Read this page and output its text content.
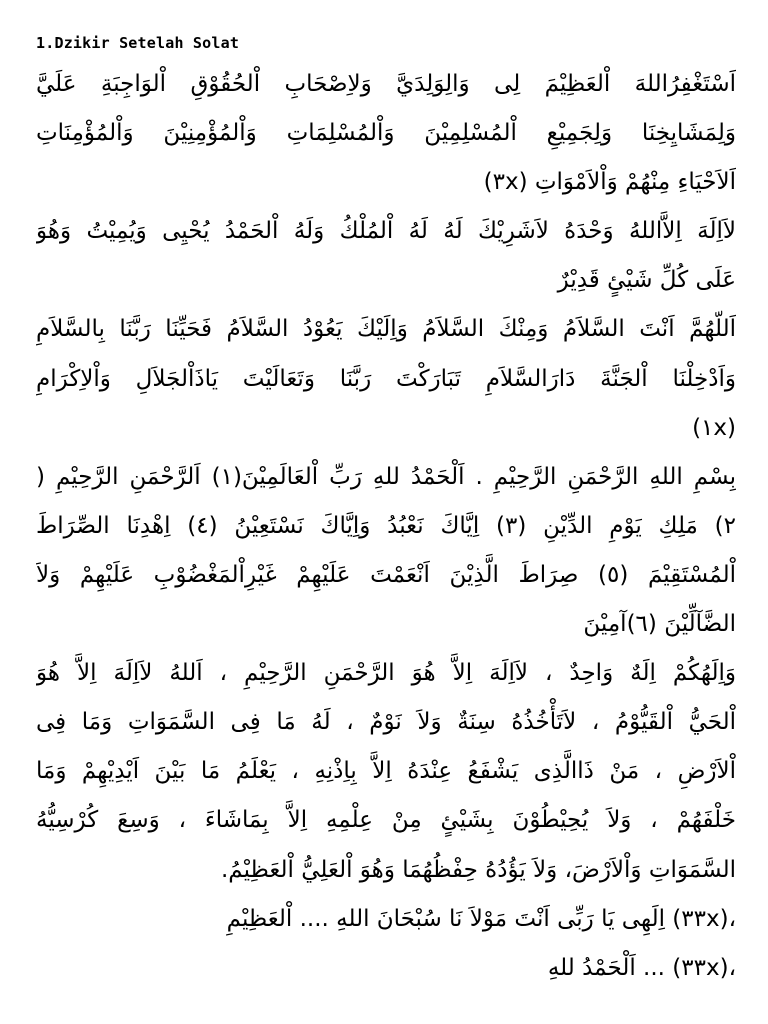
1.Dzikir Setelah Solat
اَسْتَغْفِرُاللهَ اْلعَظِيْمَ لِى وَالِوَلِدَيَّ وَلاِصْحَابِ اْلحُقُوْقِ اْلوَاجِبَةِ عَلَيَّ
وَلِمَشَايِخِنَا وَلِجَمِيْعِ اْلمُسْلِمِيْنَ وَاْلمُسْلِمَاتِ وَاْلمُؤْمِنِيْنَ وَاْلمُؤْمِنَاتِ
اَلاَحْيَاءِ مِنْهُمْ وَاْلاَمْوَاتِ (٣x)
لاَاِلَهَ اِلاَّاللهُ وَحْدَهُ لاَشَرِيْكَ لَهُ لَهُ اْلمُلْكُ وَلَهُ اْلحَمْدُ يُحْيِى وَيُمِيْتُ وَهُوَ
عَلَى كُلِّ شَيْئٍ قَدِيْرٌ
اَللّهُمَّ اَنْتَ السَّلاَمُ وَمِنْكَ السَّلاَمُ وَاِلَيْكَ يَعُوْدُ السَّلاَمُ فَحَيِّنَا رَبَّنَا بِالسَّلاَمِ
وَاَدْخِلْنَا اْلجَنَّةَ دَارَالسَّلاَمِ تَبَارَكْتَ رَبَّنَا وَتَعَالَيْتَ يَاذَاْلجَلاَلِ وَاْلاِكْرَامِ
(١x)
بِسْمِ اللهِ الرَّحْمَنِ الرَّحِيْمِ . اَلْحَمْدُ للهِ رَبِّ اْلعَالَمِيْنَ(١) اَلرَّحْمَنِ الرَّحِيْمِ (
٢) مَلِكِ يَوْمِ الدِّيْنِ (٣) اِيَّاكَ نَعْبُدُ وَاِيَّاكَ نَسْتَعِيْنُ (٤) اِهْدِنَا الصِّرَاطَ
اْلمُسْتَقِيْمَ (٥) صِرَاطَ الَّذِيْنَ اَنْعَمْتَ عَلَيْهِمْ غَيْرِاْلمَغْضُوْبِ عَلَيْهِمْ وَلاَ
الضَّآلِّيْنَ (٦)آمِيْنَ
وَاِلَهُكُمْ اِلَهٌ وَاحِدٌ ، لاَاِلَهَ اِلاَّ هُوَ الرَّحْمَنِ الرَّحِيْمِ ، اَللهُ لاَاِلَهَ اِلاَّ هُوَ
اْلحَيُّ اْلقَيُّوْمُ ، لاَتَأْخُذُهُ سِنَةٌ وَلاَ نَوْمٌ ، لَهُ مَا فِى السَّمَوَاتِ وَمَا فِى
اْلاَرْضِ ، مَنْ ذَاالَّذِى يَشْفَعُ عِنْدَهُ اِلاَّ بِاِذْنِهِ ، يَعْلَمُ مَا بَيْنَ اَيْدِيْهِمْ وَمَا
خَلْفَهُمْ ، وَلاَ يُحِيْطُوْنَ بِشَيْئٍ مِنْ عِلْمِهِ اِلاَّ بِمَاشَاءَ ، وَسِعَ كُرْسِيُّهُ
السَّمَوَاتِ وَاْلاَرْضَ، وَلاَ يَؤُدُهُ حِفْظُهُمَا وَهُوَ اْلعَلِيُّ اْلعَظِيْمُ.
،(٣٣x) اِلَهِى يَا رَبِّى اَنْتَ مَوْلاَ نَا سُبْحَانَ اللهِ .... اْلعَظِيْمِ
،(٣٣x) ... اَلْحَمْدُ للهِ
